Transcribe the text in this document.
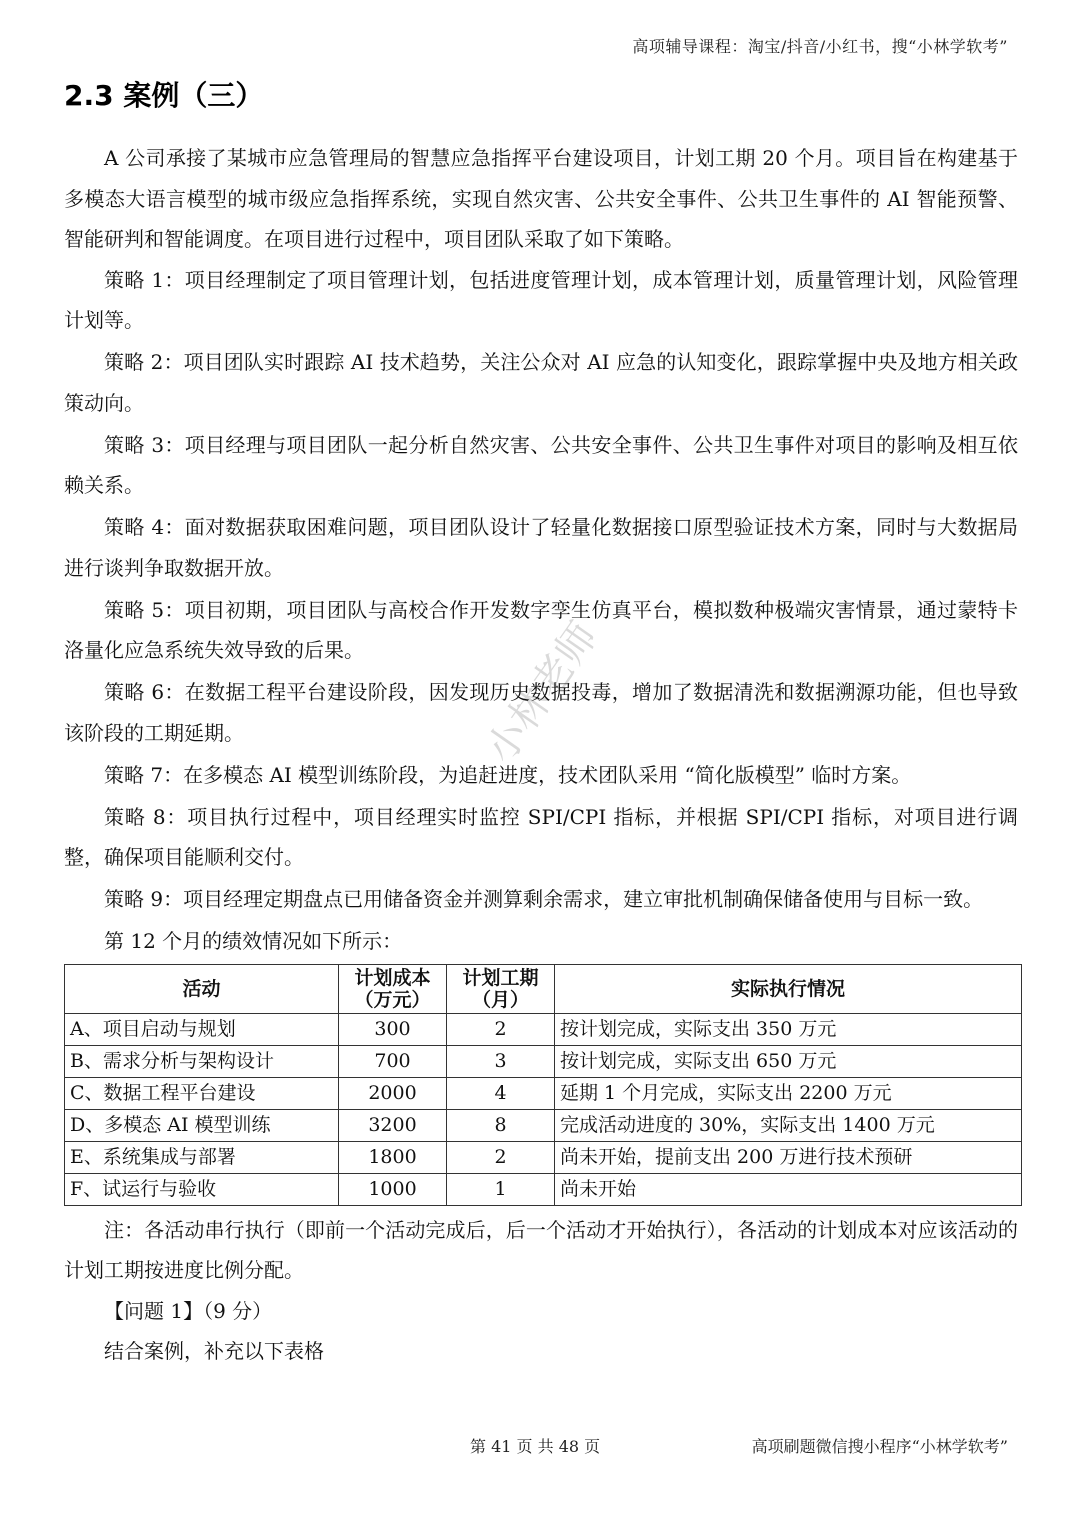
高项辅导课程：淘宝/抖音/小红书，搜“小林学软考”
2.3 案例（三）
小林老师

A 公司承接了某城市应急管理局的智慧应急指挥平台建设项目，计划工期 20 个月。项目旨在构建基于多模态大语言模型的城市级应急指挥系统，实现自然灾害、公共安全事件、公共卫生事件的 AI 智能预警、智能研判和智能调度。在项目进行过程中，项目团队采取了如下策略。

策略 1：项目经理制定了项目管理计划，包括进度管理计划，成本管理计划，质量管理计划，风险管理计划等。

策略 2：项目团队实时跟踪 AI 技术趋势，关注公众对 AI 应急的认知变化，跟踪掌握中央及地方相关政策动向。

策略 3：项目经理与项目团队一起分析自然灾害、公共安全事件、公共卫生事件对项目的影响及相互依赖关系。

策略 4：面对数据获取困难问题，项目团队设计了轻量化数据接口原型验证技术方案，同时与大数据局进行谈判争取数据开放。

策略 5：项目初期，项目团队与高校合作开发数字孪生仿真平台，模拟数种极端灾害情景，通过蒙特卡洛量化应急系统失效导致的后果。

策略 6：在数据工程平台建设阶段，因发现历史数据投毒，增加了数据清洗和数据溯源功能，但也导致该阶段的工期延期。

策略 7：在多模态 AI 模型训练阶段，为追赶进度，技术团队采用 “简化版模型” 临时方案。

策略 8：项目执行过程中，项目经理实时监控 SPI/CPI 指标，并根据 SPI/CPI 指标，对项目进行调整，确保项目能顺利交付。

策略 9：项目经理定期盘点已用储备资金并测算剩余需求，建立审批机制确保储备使用与目标一致。

第 12 个月的绩效情况如下所示：

活动	计划成本（万元）	计划工期（月）	实际执行情况
A、项目启动与规划	300	2	按计划完成，实际支出 350 万元
B、需求分析与架构设计	700	3	按计划完成，实际支出 650 万元
C、数据工程平台建设	2000	4	延期 1 个月完成，实际支出 2200 万元
D、多模态 AI 模型训练	3200	8	完成活动进度的 30%，实际支出 1400 万元
E、系统集成与部署	1800	2	尚未开始，提前支出 200 万进行技术预研
F、试运行与验收	1000	1	尚未开始

注：各活动串行执行（即前一个活动完成后，后一个活动才开始执行），各活动的计划成本对应该活动的计划工期按进度比例分配。

【问题 1】（9 分）

结合案例，补充以下表格

第 41 页 共 48 页	高项刷题微信搜小程序“小林学软考”
